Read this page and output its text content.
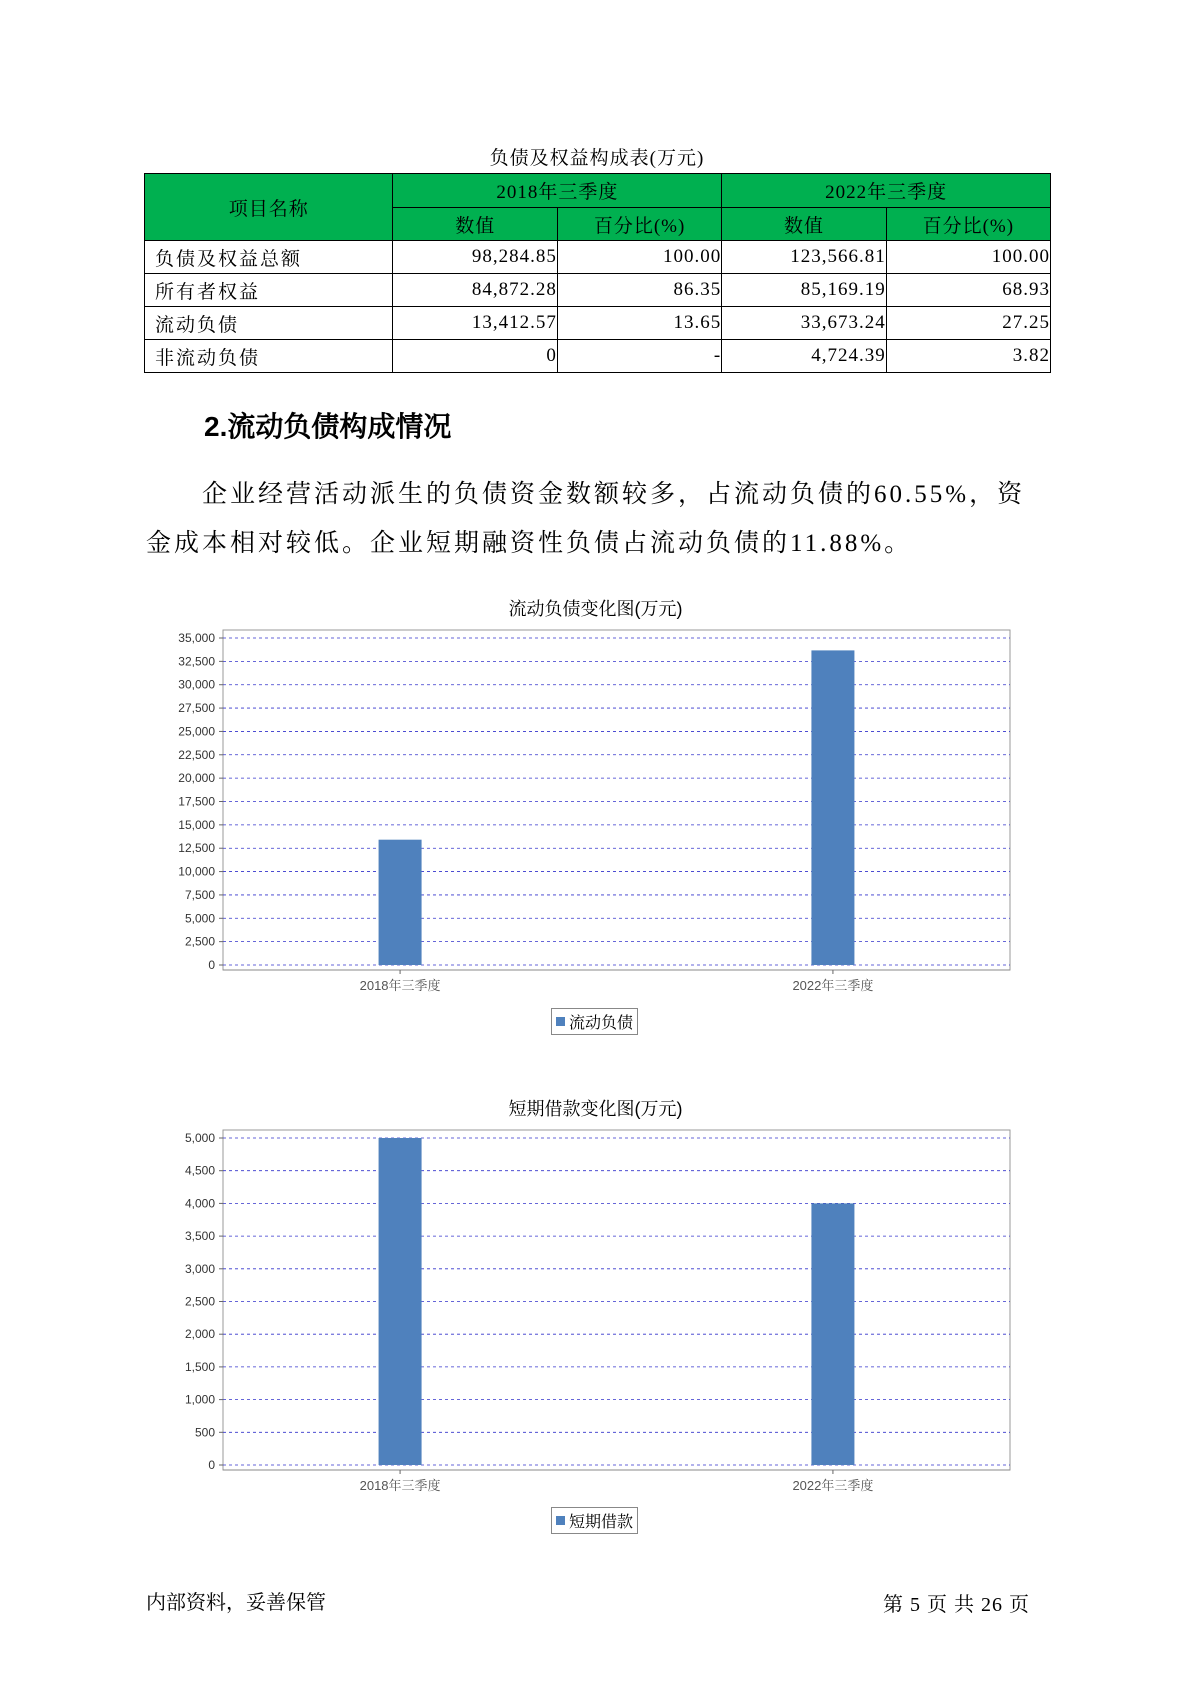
负债及权益构成表(万元)
项目名称	2018年三季度		2022年三季度	
	数值	百分比(%)	数值	百分比(%)
负债及权益总额	98,284.85	100.00	123,566.81	100.00
所有者权益	84,872.28	86.35	85,169.19	68.93
流动负债	13,412.57	13.65	33,673.24	27.25
非流动负债	0	-	4,724.39	3.82
2.流动负债构成情况
企业经营活动派生的负债资金数额较多，占流动负债的60.55%，资金成本相对较低。企业短期融资性负债占流动负债的11.88%。
流动负债变化图(万元)
0
2,500
5,000
7,500
10,000
12,500
15,000
17,500
20,000
22,500
25,000
27,500
30,000
32,500
35,000
2018年三季度	2022年三季度
流动负债
短期借款变化图(万元)
0
500
1,000
1,500
2,000
2,500
3,000
3,500
4,000
4,500
5,000
2018年三季度	2022年三季度
短期借款
内部资料，妥善保管	第 5 页 共 26 页
